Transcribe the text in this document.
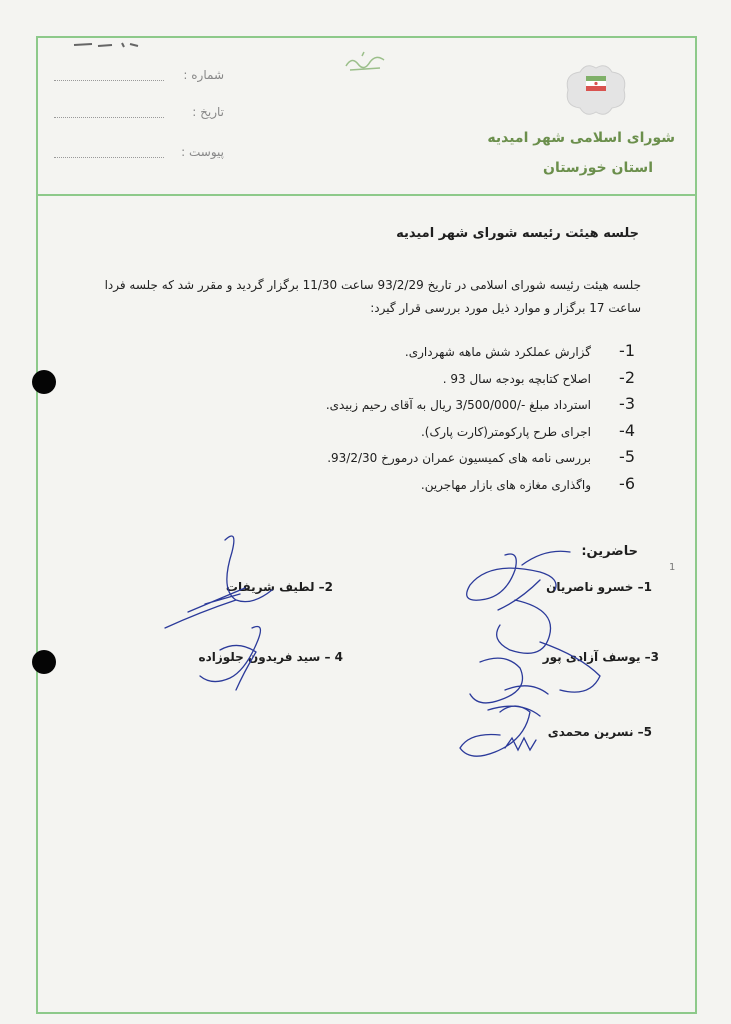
شماره :
تاریخ :
پیوست :
شورای اسلامی شهر امیدیه
استان خوزستان
جلسه هیئت رئیسه شورای شهر امیدیه
جلسه هیئت رئیسه شورای اسلامی در تاریخ 93/2/29 ساعت 11/30 برگزار گردید و مقرر شد که جلسه فردا ساعت 17 برگزار و موارد ذیل مورد بررسی قرار گیرد:
1-
گزارش عملکرد شش ماهه شهرداری.
2-
اصلاح کتابچه بودجه سال 93 .
3-
استرداد مبلغ -/3/500/000 ریال به آقای رحیم زبیدی.
4-
اجرای طرح پارکومتر(کارت پارک).
5-
بررسی نامه های کمیسیون عمران درمورخ 93/2/30.
6-
واگذاری مغازه های بازار مهاجرین.
حاضرین:
1
1– خسرو ناصریان
2– لطیف شریفات
3– یوسف آزادی پور
4 – سید فریدون جلوزاده
5– نسرین محمدی
